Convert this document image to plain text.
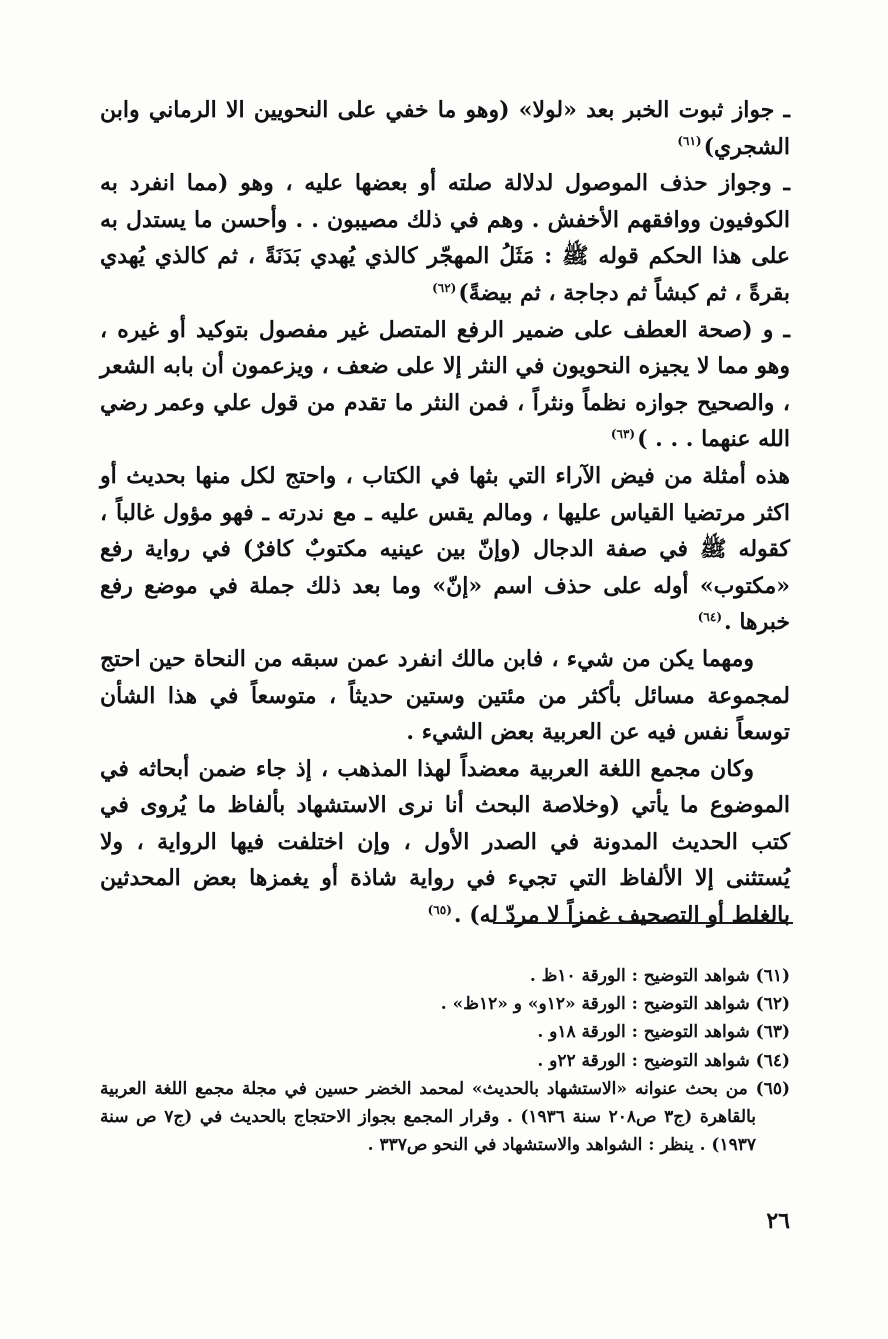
ـ جواز ثبوت الخبر بعد «لولا» (وهو ما خفي على النحويين الا الرماني وابن الشجري)$^{(٦١)}$

ـ وجواز حذف الموصول لدلالة صلته أو بعضها عليه ، وهو (مما انفرد به الكوفيون ووافقهم الأخفش . وهم في ذلك مصيبون . . وأحسن ما يستدل به على هذا الحكم قوله ﷺ : مَثَلُ المهجّر كالذي يُهدي بَدَنَةً ، ثم كالذي يُهدي بقرةً ، ثم كبشاً ثم دجاجة ، ثم بيضةً)$^{(٦٢)}$

ـ و (صحة العطف على ضمير الرفع المتصل غير مفصول بتوكيد أو غيره ، وهو مما لا يجيزه النحويون في النثر إلا على ضعف ، ويزعمون أن بابه الشعر ، والصحيح جوازه نظماً ونثراً ، فمن النثر ما تقدم من قول علي وعمر رضي الله عنهما . . . )$^{(٦٣)}$

هذه أمثلة من فيض الآراء التي بثها في الكتاب ، واحتج لكل منها بحديث أو اكثر مرتضيا القياس عليها ، ومالم يقس عليه ـ مع ندرته ـ فهو مؤول غالباً ، كقوله ﷺ في صفة الدجال (وإنّ بين عينيه مكتوبٌ كافرٌ) في رواية رفع «مكتوب» أوله على حذف اسم «إنّ» وما بعد ذلك جملة في موضع رفع خبرها .$^{(٦٤)}$

ومهما يكن من شيء ، فابن مالك انفرد عمن سبقه من النحاة حين احتج لمجموعة مسائل بأكثر من مئتين وستين حديثاً ، متوسعاً في هذا الشأن توسعاً نفس فيه عن العربية بعض الشيء .

وكان مجمع اللغة العربية معضداً لهذا المذهب ، إذ جاء ضمن أبحاثه في الموضوع ما يأتي (وخلاصة البحث أنا نرى الاستشهاد بألفاظ ما يُروى في كتب الحديث المدونة في الصدر الأول ، وإن اختلفت فيها الرواية ، ولا يُستثنى إلا الألفاظ التي تجيء في رواية شاذة أو يغمزها بعض المحدثين بالغلط أو التصحيف غمزاً لا مردّ له) .$^{(٦٥)}$

(٦١) شواهد التوضيح : الورقة ١٠ظ .

(٦٢) شواهد التوضيح : الورقة «١٢و» و «١٢ظ» .

(٦٣) شواهد التوضيح : الورقة ١٨و .

(٦٤) شواهد التوضيح : الورقة ٢٢و .

(٦٥) من بحث عنوانه «الاستشهاد بالحديث» لمحمد الخضر حسين في مجلة مجمع اللغة العربية بالقاهرة (ج٣ ص٢٠٨ سنة ١٩٣٦) . وقرار المجمع بجواز الاحتجاج بالحديث في (ج٧ ص سنة ١٩٣٧) . ينظر : الشواهد والاستشهاد في النحو ص٣٣٧ .

٢٦
